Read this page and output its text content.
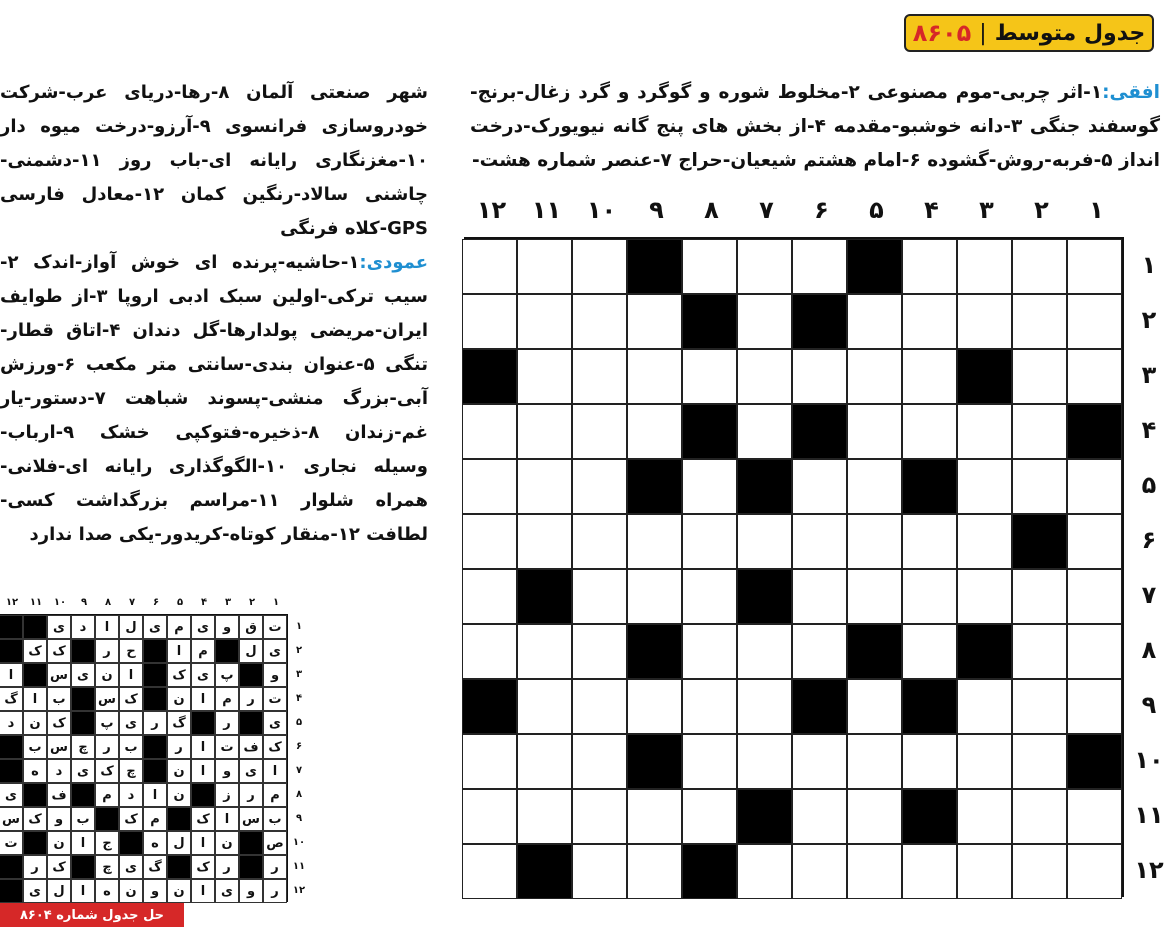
جدول متوسط
|
۸۶۰۵

افقی:۱-اثر چربی-موم مصنوعی ۲-مخلوط شوره و گوگرد و گرد زغال-برنج- گوسفند جنگی ۳-دانه خوشبو-مقدمه ۴-از بخش های پنج گانه نیویورک-درخت انداز ۵-فربه-روش-گشوده ۶-امام هشتم شیعیان-حراج ۷-عنصر شماره هشت-

شهر صنعتی آلمان ۸-رها-دریای عرب-شرکت خودروسازی فرانسوی ۹-آرزو-درخت میوه دار ۱۰-مغزنگاری رایانه ای-باب روز ۱۱-دشمنی- چاشنی سالاد-رنگین کمان ۱۲-معادل فارسی GPS-کلاه فرنگی
عمودی:۱-حاشیه-پرنده ای خوش آواز-اندک ۲-سیب ترکی-اولین سبک ادبی اروپا ۳-از طوایف ایران-مریضی پولدارها-گل دندان ۴-اتاق قطار- تنگی ۵-عنوان بندی-سانتی متر مکعب ۶-ورزش آبی-بزرگ منشی-پسوند شباهت ۷-دستور-یار غم-زندان ۸-ذخیره-فتوکپی خشک ۹-ارباب- وسیله نجاری ۱۰-الگوگذاری رایانه ای-فلانی- همراه شلوار ۱۱-مراسم بزرگداشت کسی-لطافت ۱۲-منقار کوتاه-کریدور-یکی صدا ندارد

۱
۲
۳
۴
۵
۶
۷
۸
۹
۱۰
۱۱
۱۲
۱
۲
۳
۴
۵
۶
۷
۸
۹
۱۰
۱۱
۱۲
۱
۲
۳
۴
۵
۶
۷
۸
۹
۱۰
۱۱
۱۲
ت
ق
و
ی
م
ی
ل
ا
د
ی
ی
ل
م
ا
ح
ر
ک
ک
و
پ
ی
ک
ا
ن
ی
س
ا
ت
ر
م
ا
ن
ک
س
ب
ا
گ
ی
ر
گ
ر
ی
پ
ک
ن
د
ک
ف
ت
ا
ر
ب
ر
چ
س
ب
ا
ی
و
ا
ن
چ
ک
ی
د
ه
م
ر
ز
ن
ا
د
م
ف
ی
ب
س
ا
ک
م
ک
ب
و
ک
س
ص
ن
ا
ل
ه
ج
ا
ن
ت
ر
ر
ک
گ
ی
چ
ک
ر
ر
و
ی
ا
ن
و
ن
ه
ا
ل
ی
۱
۲
۳
۴
۵
۶
۷
۸
۹
۱۰
۱۱
۱۲
حل جدول شماره ۸۶۰۴
